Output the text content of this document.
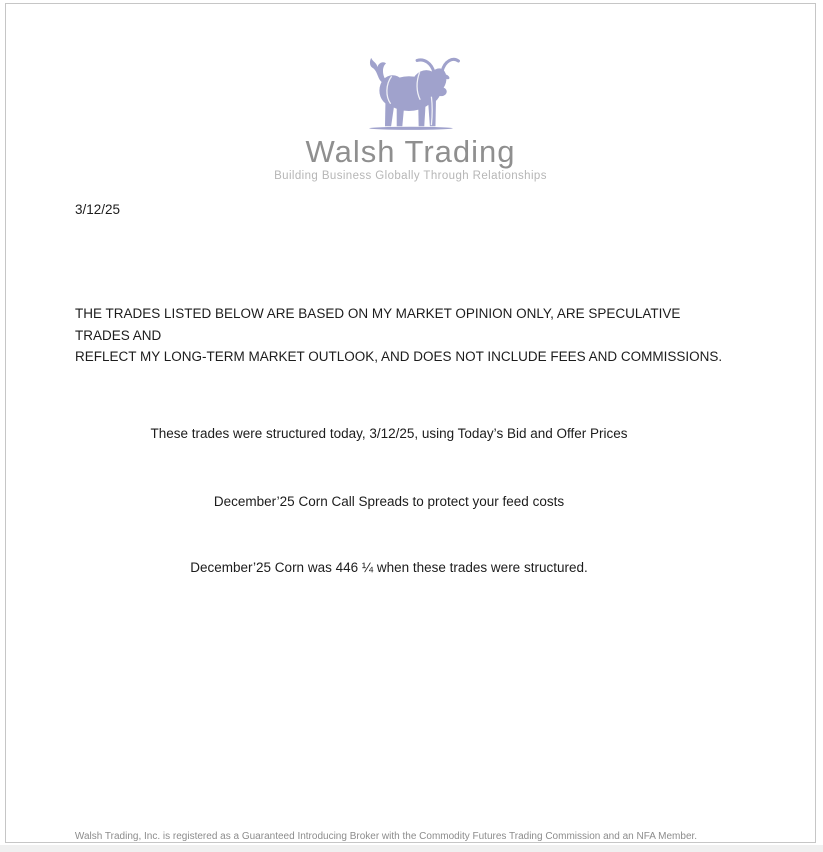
Walsh Trading
Building Business Globally Through Relationships
3/12/25
THE TRADES LISTED BELOW ARE BASED ON MY MARKET OPINION ONLY, ARE SPECULATIVE TRADES AND
REFLECT MY LONG-TERM MARKET OUTLOOK, AND DOES NOT INCLUDE FEES AND COMMISSIONS.
These trades were structured today, 3/12/25, using Today’s Bid and Offer Prices
December’25 Corn Call Spreads to protect your feed costs
December’25 Corn was 446 ¼ when these trades were structured.
Walsh Trading, Inc. is registered as a Guaranteed Introducing Broker with the Commodity Futures Trading Commission and an NFA Member.
